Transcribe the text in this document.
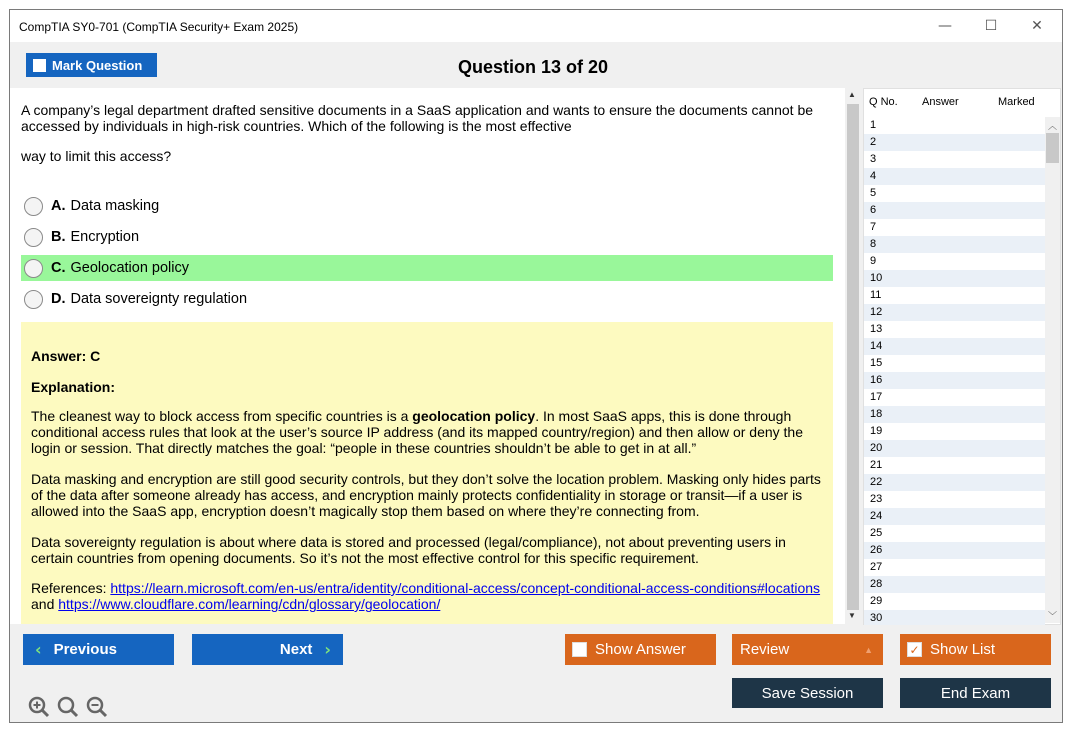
CompTIA SY0-701 (CompTIA Security+ Exam 2025)	—	☐	✕
Mark Question	Question 13 of 20
A company’s legal department drafted sensitive documents in a SaaS application and wants to ensure the documents cannot be accessed by individuals in high-risk countries. Which of the following is the most effective
way to limit this access?
A. Data masking
B. Encryption
C. Geolocation policy
D. Data sovereignty regulation
Answer: C
Explanation:
The cleanest way to block access from specific countries is a geolocation policy. In most SaaS apps, this is done through conditional access rules that look at the user’s source IP address (and its mapped country/region) and then allow or deny the login or session. That directly matches the goal: “people in these countries shouldn’t be able to get in at all.”
Data masking and encryption are still good security controls, but they don’t solve the location problem. Masking only hides parts of the data after someone already has access, and encryption mainly protects confidentiality in storage or transit—if a user is allowed into the SaaS app, encryption doesn’t magically stop them based on where they’re connecting from.
Data sovereignty regulation is about where data is stored and processed (legal/compliance), not about preventing users in certain countries from opening documents. So it’s not the most effective control for this specific requirement.
References: https://learn.microsoft.com/en-us/entra/identity/conditional-access/concept-conditional-access-conditions#locations and https://www.cloudflare.com/learning/cdn/glossary/geolocation/
▲
▼
Q No. Answer	Marked
1
2
3
4
5
6
7
8
9
10
11
12
13
14
15
16
17
18
19
20
21
22
23
24
25
26
27
28
29
30
︿
﹀
‹ Previous	Next ›	Show Answer	Review	▲	✓ Show List
Save Session	End Exam
